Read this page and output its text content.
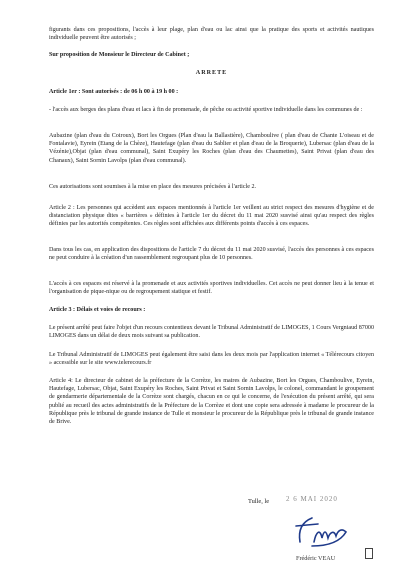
figurants dans ces propositions, l'accès à leur plage, plan d'eau ou lac ainsi que la pratique des sports et activités nautiques individuelle peuvent être autorisés ;

Sur proposition de Monsieur le Directeur de Cabinet ;

ARRETE

Article 1er : Sont autorisés : de 06 h 00 à 19 h 00 :

- l'accès aux berges des plans d'eau et lacs à fin de promenade, de pêche ou activité sportive individuelle dans les communes de :

Aubazine (plan d'eau du Coiroux), Bort les Orgues (Plan d'eau la Ballastière), Chamboulive ( plan d'eau de Chante L'oiseau et de Fontalavie), Eyrein (Etang de la Chèze), Hautefage (plan d'eau du Sablier et plan d'eau de la Broquerie), Lubersac (plan d'eau de la Vézénie),Objat (plan d'eau communal), Saint Exupéry les Roches (plan d'eau des Chaumettes), Saint Privat (plan d'eau des Chanaux), Saint Sornin Lavolps (plan d'eau communal).

Ces autorisations sont soumises à la mise en place des mesures précisées à l'article 2.

Article 2 : Les personnes qui accèdent aux espaces mentionnés à l'article 1er veillent au strict respect des mesures d'hygiène et de distanciation physique dites « barrières » définies à l'article 1er du décret du 11 mai 2020 susvisé ainsi qu'au respect des règles définies par les autorités compétentes. Ces règles sont affichées aux différents points d'accès à ces espaces.

Dans tous les cas, en application des dispositions de l'article 7 du décret du 11 mai 2020 susvisé, l'accès des personnes à ces espaces ne peut conduire à la création d'un rassemblement regroupant plus de 10 personnes.

L'accès à ces espaces est réservé à la promenade et aux activités sportives individuelles. Cet accès ne peut donner lieu à la tenue et l'organisation de pique-nique ou de regroupement statique et festif.

Article 3 : Délais et voies de recours :

Le présent arrêté peut faire l'objet d'un recours contentieux devant le Tribunal Administratif de LIMOGES, 1 Cours Vergniaud 87000 LIMOGES dans un délai de deux mois suivant sa publication.

Le Tribunal Administratif de LIMOGES peut également être saisi dans les deux mois par l'application internet « Télérecours citoyen » accessible sur le site www.telerecours.fr

Article 4: Le directeur de cabinet de la préfecture de la Corrèze, les maires de Aubazine, Bort les Orgues, Chamboulive, Eyrein, Hautefage, Lubersac, Objat, Saint Exupéry les Roches, Saint Privat et Saint Sornin Lavolps, le colonel, commandant le groupement de gendarmerie départementale de la Corrèze sont chargés, chacun en ce qui le concerne, de l'exécution du présent arrêté, qui sera publié au recueil des actes administratifs de la Préfecture de la Corrèze et dont une copie sera adressée à madame le procureur de la République près le tribunal de grande instance de Tulle et monsieur le procureur de la République près le tribunal de grande instance de Brive.

Tulle, le 2 6 MAI 2020
Frédéric VEAU
